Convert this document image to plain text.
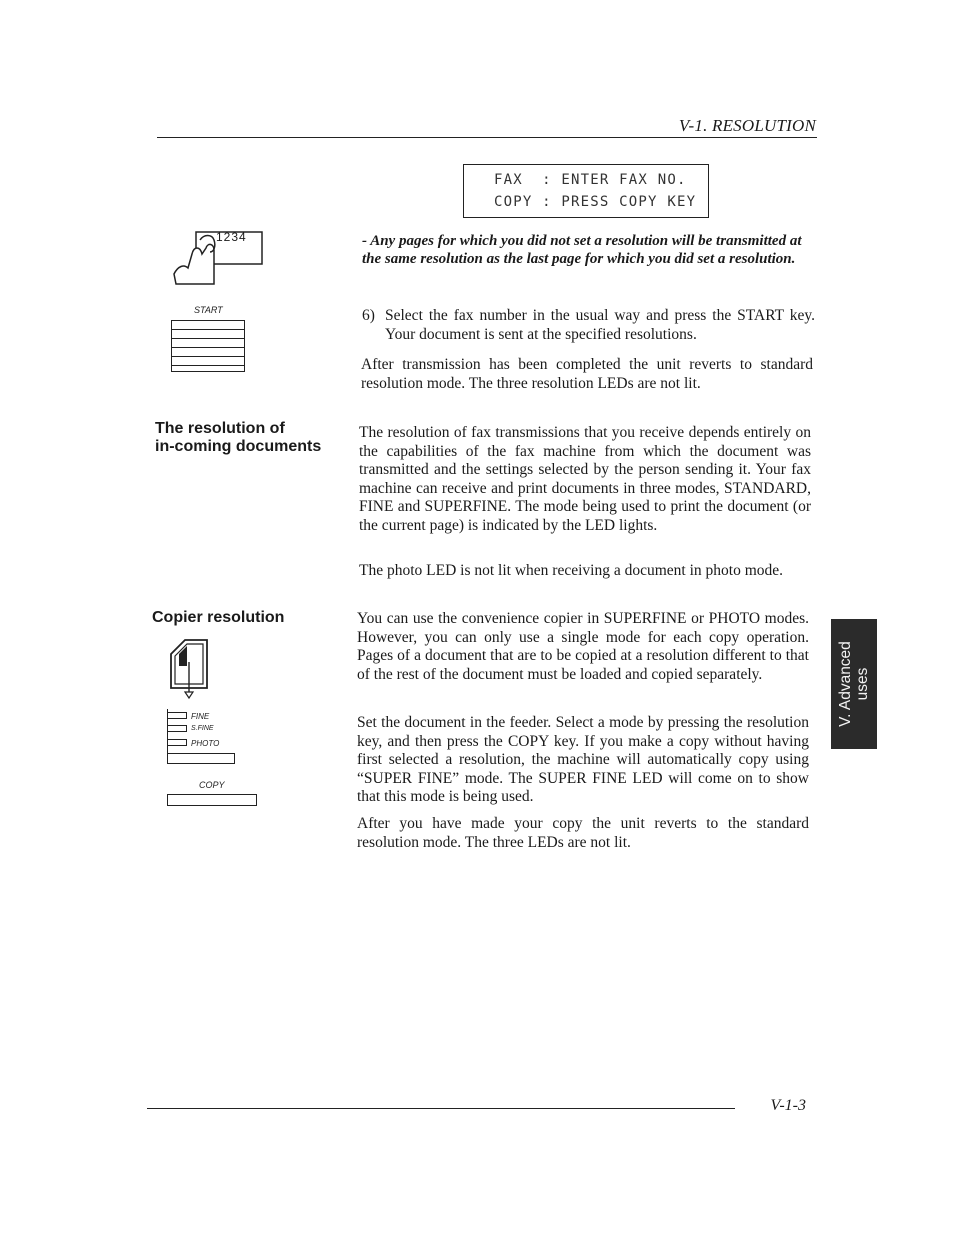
V-1. RESOLUTION
FAX  : ENTER FAX NO.
COPY : PRESS COPY KEY
1234
START
- Any pages for which you did not set a resolution will be transmitted at the same resolution as the last page for which you did set a resolution.
6) Select the fax number in the usual way and press the START key. Your document is sent at the specified resolutions.
After transmission has been completed the unit reverts to standard resolution mode. The three resolution LEDs are not lit.
The resolution of
in-coming documents
The resolution of fax transmissions that you receive depends entirely on the capabilities of the fax machine from which the document was transmitted and the settings selected by the person sending it. Your fax machine can receive and print documents in three modes, STANDARD, FINE and SUPERFINE. The mode being used to print the document (or the current page) is indicated by the LED lights.
The photo LED is not lit when receiving a document in photo mode.
Copier resolution	You can use the convenience copier in SUPERFINE or PHOTO modes. However, you can only use a single mode for each copy operation. Pages of a document that are to be copied at a resolution different to that of the rest of the document must be loaded and copied separately.
Set the document in the feeder. Select a mode by pressing the resolution key, and then press the COPY key. If you make a copy without having first selected a resolution, the machine will automatically copy using “SUPER FINE” mode. The SUPER FINE LED will come on to show that this mode is being used.
After you have made your copy the unit reverts to the standard resolution mode. The three LEDs are not lit.
FINE
S.FINE
PHOTO
COPY
V. Advanced uses
V-1-3
